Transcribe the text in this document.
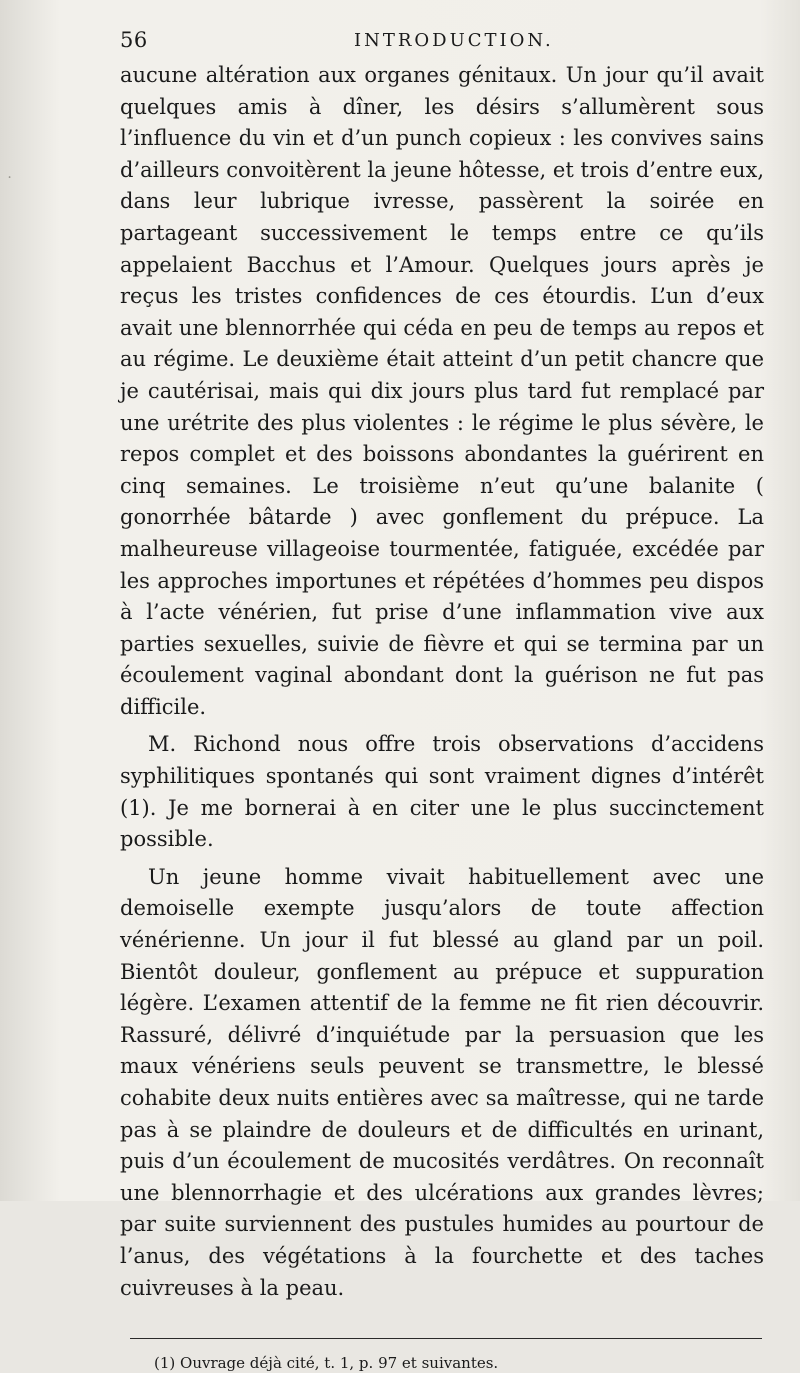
 ·
56	INTRODUCTION.

aucune altération aux organes génitaux. Un jour qu’il avait quelques amis à dîner, les désirs s’allumèrent sous l’influence du vin et d’un punch copieux : les convives sains d’ailleurs convoitèrent la jeune hôtesse, et trois d’entre eux, dans leur lubrique ivresse, passèrent la soirée en partageant successivement le temps entre ce qu’ils appelaient Bacchus et l’Amour. Quelques jours après je reçus les tristes confidences de ces étourdis. L’un d’eux avait une blennorrhée qui céda en peu de temps au repos et au régime. Le deuxième était atteint d’un petit chancre que je cautérisai, mais qui dix jours plus tard fut remplacé par une urétrite des plus violentes : le régime le plus sévère, le repos complet et des boissons abondantes la guérirent en cinq semaines. Le troisième n’eut qu’une balanite ( gonorrhée bâtarde ) avec gonflement du prépuce. La malheureuse villageoise tourmentée, fatiguée, excédée par les approches importunes et répétées d’hommes peu dispos à l’acte vénérien, fut prise d’une inflammation vive aux parties sexuelles, suivie de fièvre et qui se termina par un écoulement vaginal abondant dont la guérison ne fut pas difficile.

M. Richond nous offre trois observations d’accidens syphilitiques spontanés qui sont vraiment dignes d’intérêt (1). Je me bornerai à en citer une le plus succinctement possible.

Un jeune homme vivait habituellement avec une demoiselle exempte jusqu’alors de toute affection vénérienne. Un jour il fut blessé au gland par un poil. Bientôt douleur, gonflement au prépuce et suppuration légère. L’examen attentif de la femme ne fit rien découvrir. Rassuré, délivré d’inquiétude par la persuasion que les maux vénériens seuls peuvent se transmettre, le blessé cohabite deux nuits entières avec sa maîtresse, qui ne tarde pas à se plaindre de douleurs et de difficultés en urinant, puis d’un écoulement de mucosités verdâtres. On reconnaît une blennorrhagie et des ulcérations aux grandes lèvres; par suite surviennent des pustules humides au pourtour de l’anus, des végétations à la fourchette et des taches cuivreuses à la peau.

(1) Ouvrage déjà cité, t. 1, p. 97 et suivantes.
